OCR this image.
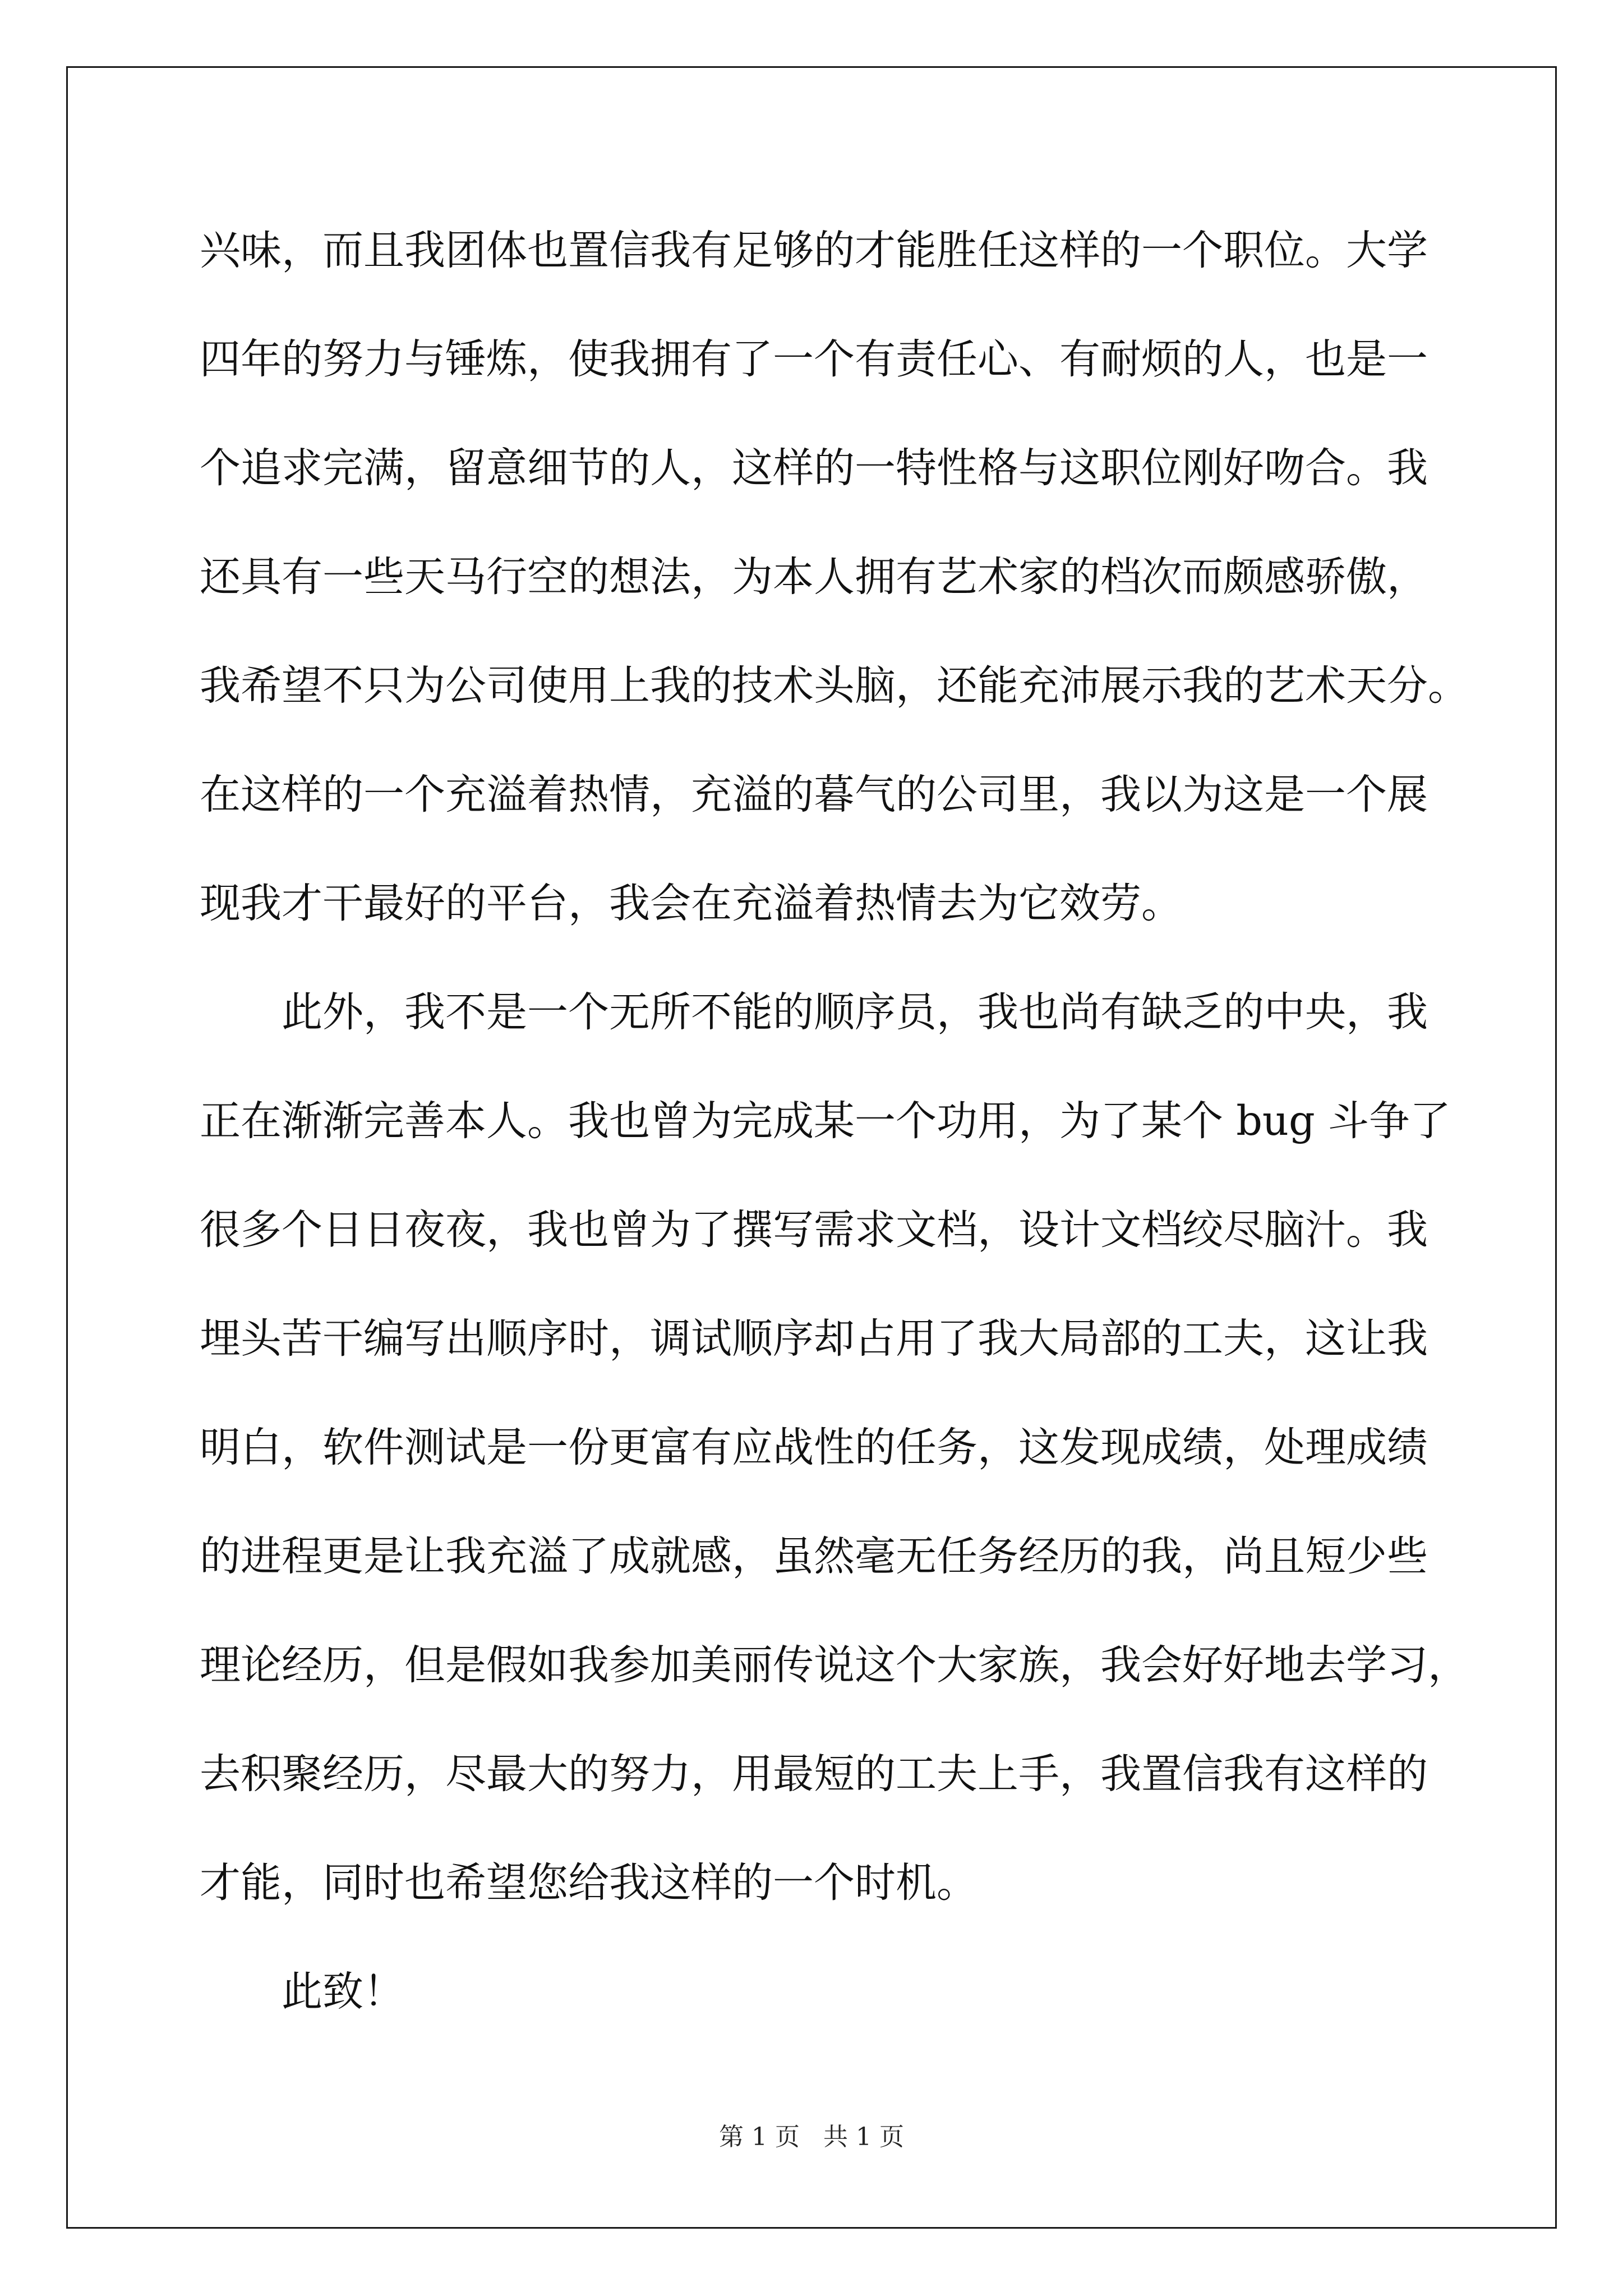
兴味，而且我团体也置信我有足够的才能胜任这样的一个职位。大学
四年的努力与锤炼，使我拥有了一个有责任心、有耐烦的人，也是一
个追求完满，留意细节的人，这样的一特性格与这职位刚好吻合。我
还具有一些天马行空的想法，为本人拥有艺术家的档次而颇感骄傲，
我希望不只为公司使用上我的技术头脑，还能充沛展示我的艺术天分。
在这样的一个充溢着热情，充溢的暮气的公司里，我以为这是一个展
现我才干最好的平台，我会在充溢着热情去为它效劳。
此外，我不是一个无所不能的顺序员，我也尚有缺乏的中央，我
正在渐渐完善本人。我也曾为完成某一个功用，为了某个 bug 斗争了
很多个日日夜夜，我也曾为了撰写需求文档，设计文档绞尽脑汁。我
埋头苦干编写出顺序时，调试顺序却占用了我大局部的工夫，这让我
明白，软件测试是一份更富有应战性的任务，这发现成绩，处理成绩
的进程更是让我充溢了成就感，虽然毫无任务经历的我，尚且短少些
理论经历，但是假如我参加美丽传说这个大家族，我会好好地去学习，
去积聚经历，尽最大的努力，用最短的工夫上手，我置信我有这样的
才能，同时也希望您给我这样的一个时机。
此致！
第 1 页   共 1 页
